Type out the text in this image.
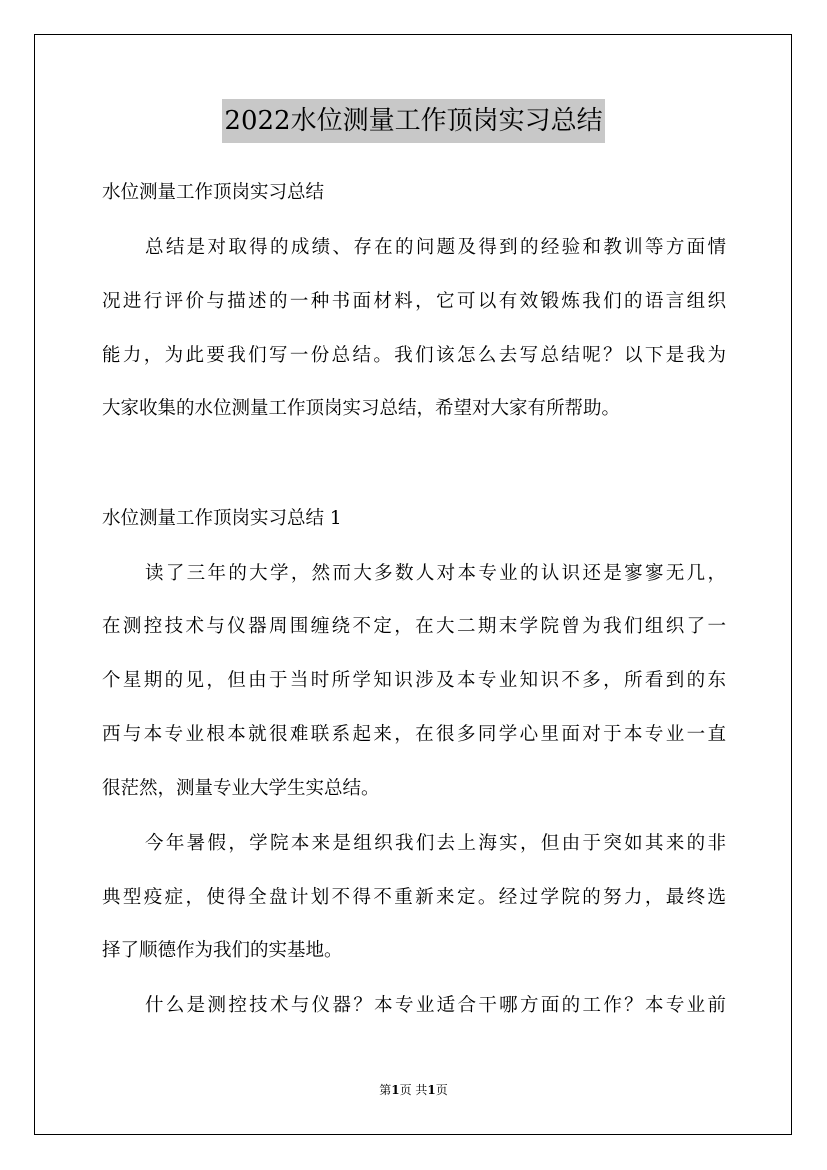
2022水位测量工作顶岗实习总结

水位测量工作顶岗实习总结

总结是对取得的成绩、存在的问题及得到的经验和教训等方面情

况进行评价与描述的一种书面材料，它可以有效锻炼我们的语言组织

能力，为此要我们写一份总结。我们该怎么去写总结呢？以下是我为

大家收集的水位测量工作顶岗实习总结，希望对大家有所帮助。

水位测量工作顶岗实习总结 1

读了三年的大学，然而大多数人对本专业的认识还是寥寥无几，

在测控技术与仪器周围缠绕不定，在大二期末学院曾为我们组织了一

个星期的见，但由于当时所学知识涉及本专业知识不多，所看到的东

西与本专业根本就很难联系起来，在很多同学心里面对于本专业一直

很茫然，测量专业大学生实总结。

今年暑假，学院本来是组织我们去上海实，但由于突如其来的非

典型疫症，使得全盘计划不得不重新来定。经过学院的努力，最终选

择了顺德作为我们的实基地。

什么是测控技术与仪器？本专业适合干哪方面的工作？本专业前

第1页 共1页
